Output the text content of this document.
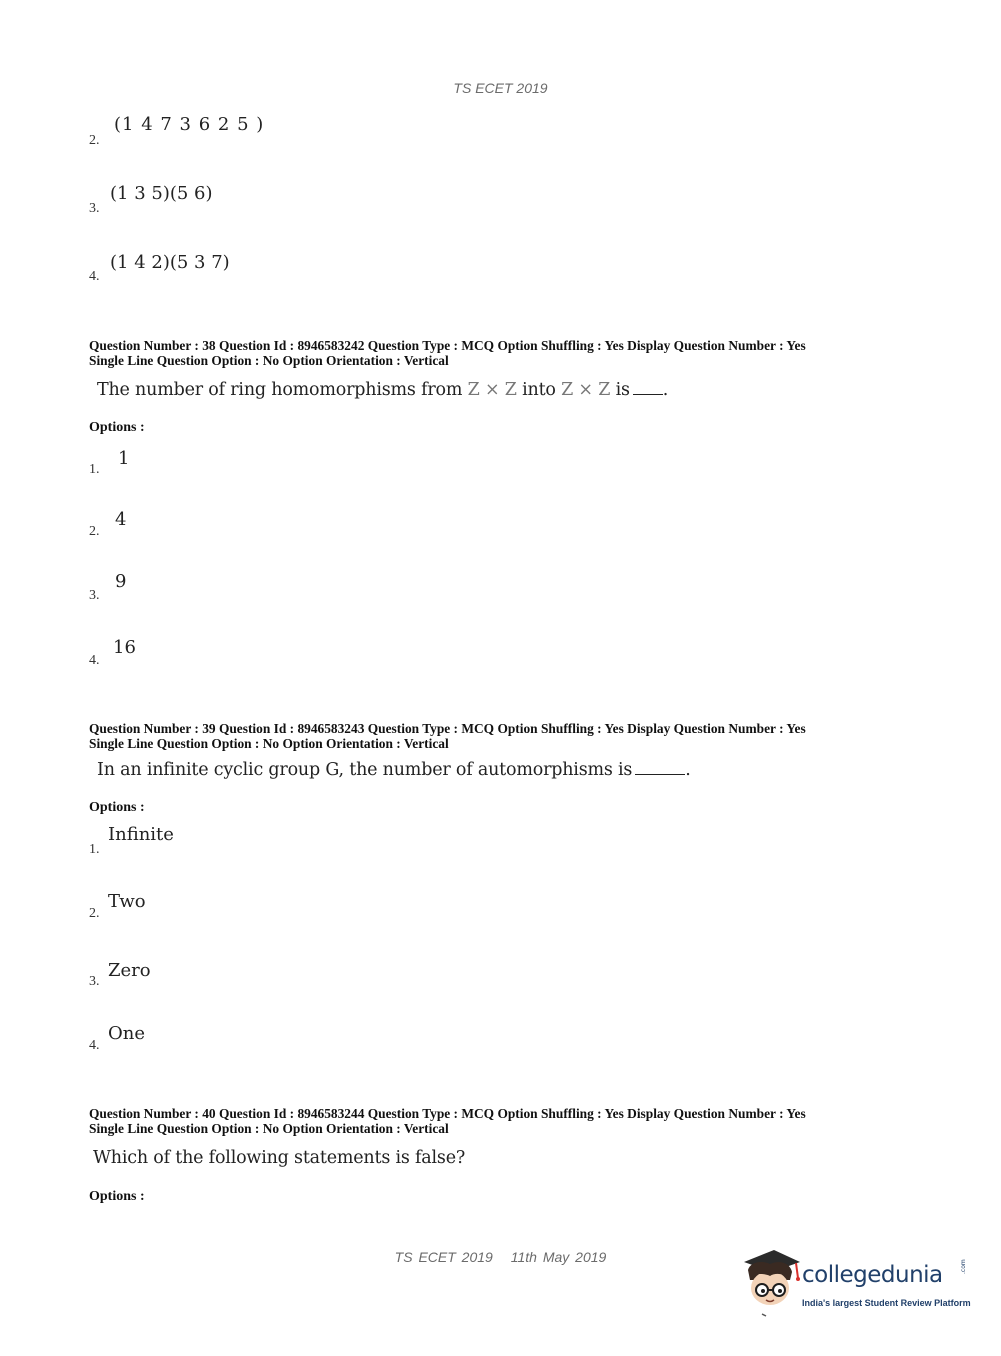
TS ECET 2019
2.
(1 4 7 3 6 2 5 )
3.
(1 3 5)(5 6)
4.
(1 4 2)(5 3 7)
Question Number : 38 Question Id : 8946583242 Question Type : MCQ Option Shuffling : Yes Display Question Number : Yes
Single Line Question Option : No Option Orientation : Vertical
The number of ring homomorphisms from Z × Z into Z × Z is .
Options :
1.
1
2.
4
3.
9
4.
16
Question Number : 39 Question Id : 8946583243 Question Type : MCQ Option Shuffling : Yes Display Question Number : Yes
Single Line Question Option : No Option Orientation : Vertical
In an infinite cyclic group G, the number of automorphisms is	.
Options :
1.
Infinite
2.
Two
3.
Zero
4.
One
Question Number : 40 Question Id : 8946583244 Question Type : MCQ Option Shuffling : Yes Display Question Number : Yes
Single Line Question Option : No Option Orientation : Vertical
Which of the following statements is false?
Options :
TS ECET 2019 11th May 2019
collegedunia	.com
India's largest Student Review Platform
